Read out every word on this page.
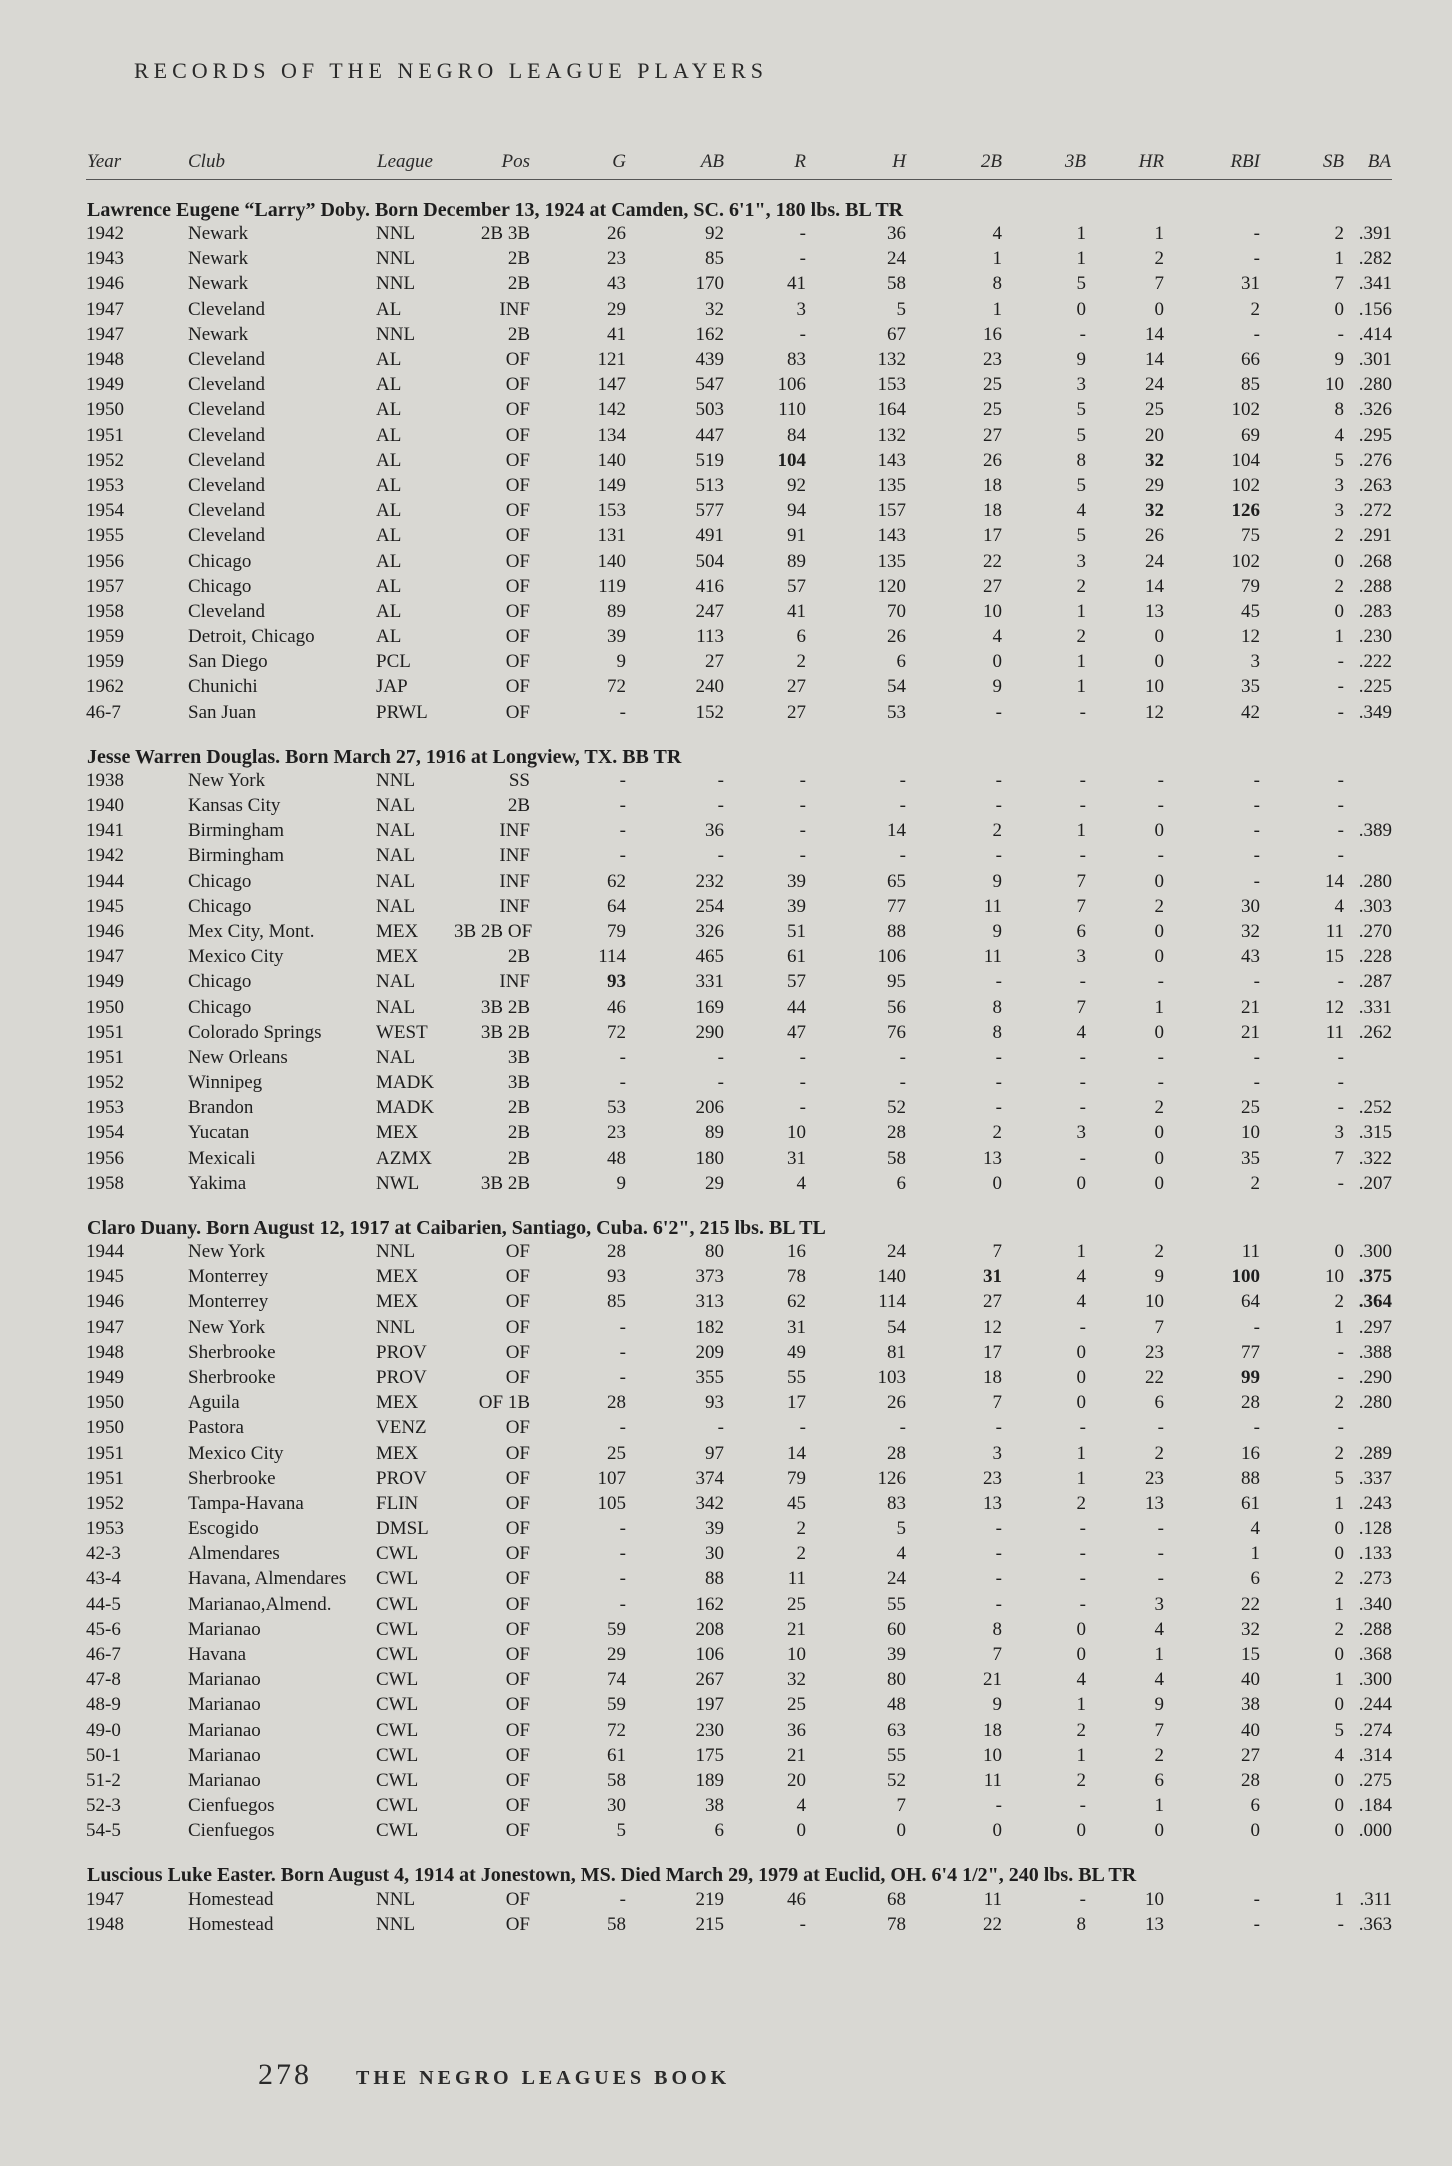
RECORDS OF THE NEGRO LEAGUE PLAYERS
Year	Club	League	Pos	G	AB	R	H	2B	3B	HR	RBI	SB	BA
Lawrence Eugene “Larry” Doby. Born December 13, 1924 at Camden, SC. 6'1", 180 lbs. BL TR													
1942	Newark	NNL	2B 3B	26	92	-	36	4	1	1	-	2	.391
1943	Newark	NNL	2B	23	85	-	24	1	1	2	-	1	.282
1946	Newark	NNL	2B	43	170	41	58	8	5	7	31	7	.341
1947	Cleveland	AL	INF	29	32	3	5	1	0	0	2	0	.156
1947	Newark	NNL	2B	41	162	-	67	16	-	14	-	-	.414
1948	Cleveland	AL	OF	121	439	83	132	23	9	14	66	9	.301
1949	Cleveland	AL	OF	147	547	106	153	25	3	24	85	10	.280
1950	Cleveland	AL	OF	142	503	110	164	25	5	25	102	8	.326
1951	Cleveland	AL	OF	134	447	84	132	27	5	20	69	4	.295
1952	Cleveland	AL	OF	140	519	104	143	26	8	32	104	5	.276
1953	Cleveland	AL	OF	149	513	92	135	18	5	29	102	3	.263
1954	Cleveland	AL	OF	153	577	94	157	18	4	32	126	3	.272
1955	Cleveland	AL	OF	131	491	91	143	17	5	26	75	2	.291
1956	Chicago	AL	OF	140	504	89	135	22	3	24	102	0	.268
1957	Chicago	AL	OF	119	416	57	120	27	2	14	79	2	.288
1958	Cleveland	AL	OF	89	247	41	70	10	1	13	45	0	.283
1959	Detroit, Chicago	AL	OF	39	113	6	26	4	2	0	12	1	.230
1959	San Diego	PCL	OF	9	27	2	6	0	1	0	3	-	.222
1962	Chunichi	JAP	OF	72	240	27	54	9	1	10	35	-	.225
46-7	San Juan	PRWL	OF	-	152	27	53	-	-	12	42	-	.349
Jesse Warren Douglas. Born March 27, 1916 at Longview, TX. BB TR													
1938	New York	NNL	SS	-	-	-	-	-	-	-	-	-	
1940	Kansas City	NAL	2B	-	-	-	-	-	-	-	-	-	
1941	Birmingham	NAL	INF	-	36	-	14	2	1	0	-	-	.389
1942	Birmingham	NAL	INF	-	-	-	-	-	-	-	-	-	
1944	Chicago	NAL	INF	62	232	39	65	9	7	0	-	14	.280
1945	Chicago	NAL	INF	64	254	39	77	11	7	2	30	4	.303
1946	Mex City, Mont.	MEX	3B 2B OF	79	326	51	88	9	6	0	32	11	.270
1947	Mexico City	MEX	2B	114	465	61	106	11	3	0	43	15	.228
1949	Chicago	NAL	INF	93	331	57	95	-	-	-	-	-	.287
1950	Chicago	NAL	3B 2B	46	169	44	56	8	7	1	21	12	.331
1951	Colorado Springs	WEST	3B 2B	72	290	47	76	8	4	0	21	11	.262
1951	New Orleans	NAL	3B	-	-	-	-	-	-	-	-	-	
1952	Winnipeg	MADK	3B	-	-	-	-	-	-	-	-	-	
1953	Brandon	MADK	2B	53	206	-	52	-	-	2	25	-	.252
1954	Yucatan	MEX	2B	23	89	10	28	2	3	0	10	3	.315
1956	Mexicali	AZMX	2B	48	180	31	58	13	-	0	35	7	.322
1958	Yakima	NWL	3B 2B	9	29	4	6	0	0	0	2	-	.207
Claro Duany. Born August 12, 1917 at Caibarien, Santiago, Cuba. 6'2", 215 lbs. BL TL													
1944	New York	NNL	OF	28	80	16	24	7	1	2	11	0	.300
1945	Monterrey	MEX	OF	93	373	78	140	31	4	9	100	10	.375
1946	Monterrey	MEX	OF	85	313	62	114	27	4	10	64	2	.364
1947	New York	NNL	OF	-	182	31	54	12	-	7	-	1	.297
1948	Sherbrooke	PROV	OF	-	209	49	81	17	0	23	77	-	.388
1949	Sherbrooke	PROV	OF	-	355	55	103	18	0	22	99	-	.290
1950	Aguila	MEX	OF 1B	28	93	17	26	7	0	6	28	2	.280
1950	Pastora	VENZ	OF	-	-	-	-	-	-	-	-	-	
1951	Mexico City	MEX	OF	25	97	14	28	3	1	2	16	2	.289
1951	Sherbrooke	PROV	OF	107	374	79	126	23	1	23	88	5	.337
1952	Tampa-Havana	FLIN	OF	105	342	45	83	13	2	13	61	1	.243
1953	Escogido	DMSL	OF	-	39	2	5	-	-	-	4	0	.128
42-3	Almendares	CWL	OF	-	30	2	4	-	-	-	1	0	.133
43-4	Havana, Almendares	CWL	OF	-	88	11	24	-	-	-	6	2	.273
44-5	Marianao,Almend.	CWL	OF	-	162	25	55	-	-	3	22	1	.340
45-6	Marianao	CWL	OF	59	208	21	60	8	0	4	32	2	.288
46-7	Havana	CWL	OF	29	106	10	39	7	0	1	15	0	.368
47-8	Marianao	CWL	OF	74	267	32	80	21	4	4	40	1	.300
48-9	Marianao	CWL	OF	59	197	25	48	9	1	9	38	0	.244
49-0	Marianao	CWL	OF	72	230	36	63	18	2	7	40	5	.274
50-1	Marianao	CWL	OF	61	175	21	55	10	1	2	27	4	.314
51-2	Marianao	CWL	OF	58	189	20	52	11	2	6	28	0	.275
52-3	Cienfuegos	CWL	OF	30	38	4	7	-	-	1	6	0	.184
54-5	Cienfuegos	CWL	OF	5	6	0	0	0	0	0	0	0	.000
Luscious Luke Easter. Born August 4, 1914 at Jonestown, MS. Died March 29, 1979 at Euclid, OH. 6'4 1/2", 240 lbs. BL TR													
1947	Homestead	NNL	OF	-	219	46	68	11	-	10	-	1	.311
1948	Homestead	NNL	OF	58	215	-	78	22	8	13	-	-	.363
278 THE NEGRO LEAGUES BOOK
